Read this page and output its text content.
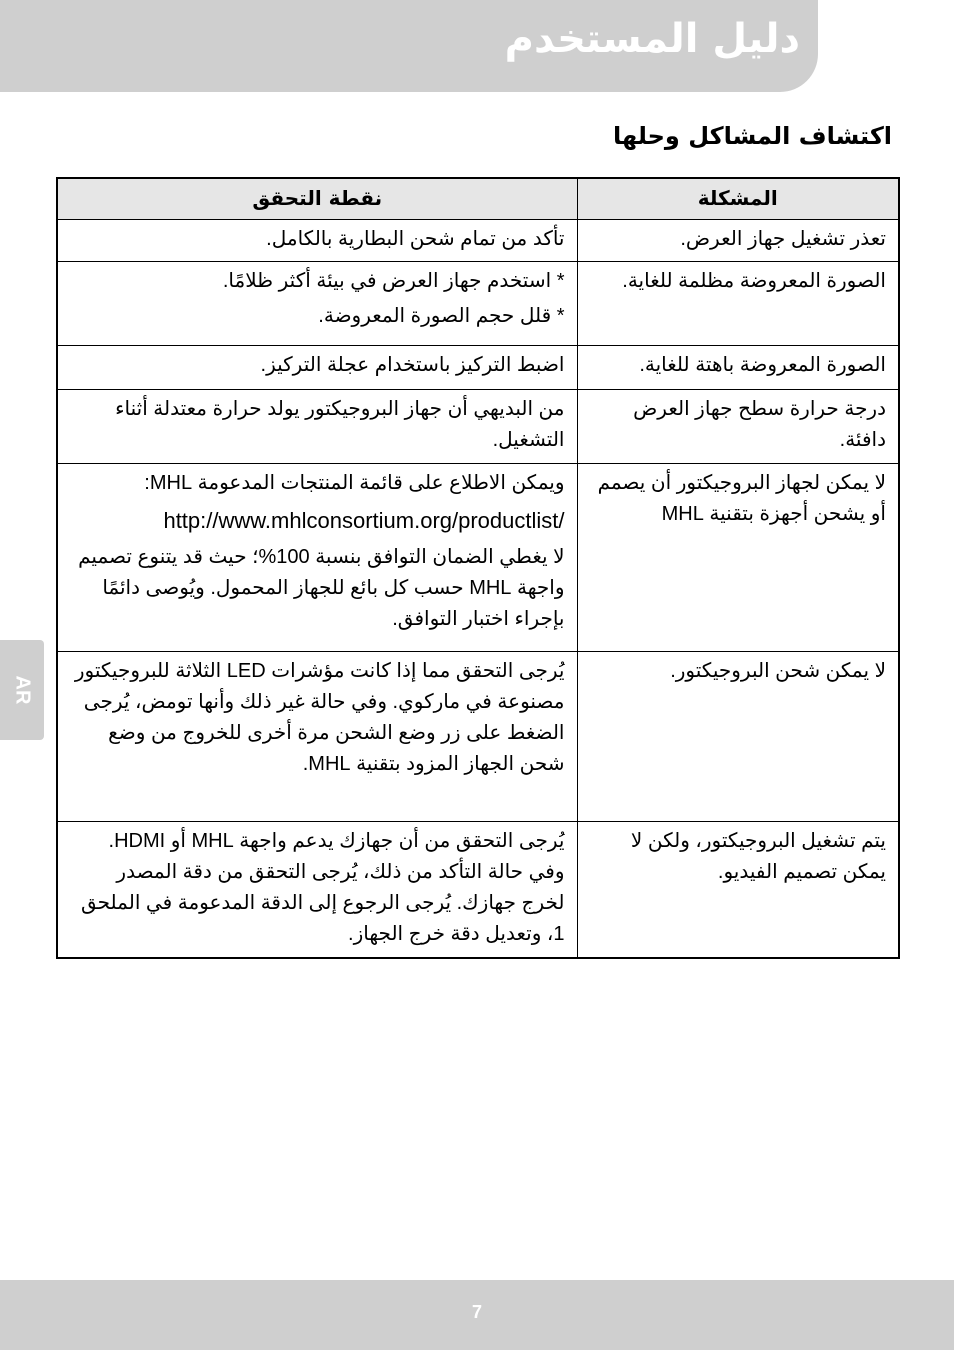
دليل المستخدم
اكتشاف المشاكل وحلها
المشكلة	نقطة التحقق
تعذر تشغيل جهاز العرض.	تأكد من تمام شحن البطارية بالكامل.

الصورة المعروضة مظلمة للغاية.	* استخدم جهاز العرض في بيئة أكثر ظلامًا.
* قلل حجم الصورة المعروضة.

الصورة المعروضة باهتة للغاية.	اضبط التركيز باستخدام عجلة التركيز.

درجة حرارة سطح جهاز العرض دافئة.	من البديهي أن جهاز البروجيكتور يولد حرارة معتدلة أثناء التشغيل.

لا يمكن لجهاز البروجيكتور أن يصمم أو يشحن أجهزة بتقنية MHL	ويمكن الاطلاع على قائمة المنتجات المدعومة MHL:
http://www.mhlconsortium.org/productlist/
لا يغطي الضمان التوافق بنسبة 100%؛ حيث قد يتنوع تصميم واجهة MHL حسب كل بائع للجهاز المحمول. ويُوصى دائمًا بإجراء اختبار التوافق.

لا يمكن شحن البروجيكتور.	يُرجى التحقق مما إذا كانت مؤشرات LED الثلاثة للبروجيكتور مصنوعة في ماركوي. وفي حالة غير ذلك وأنها تومض، يُرجى الضغط على زر وضع الشحن مرة أخرى للخروج من وضع شحن الجهاز المزود بتقنية MHL.

يتم تشغيل البروجيكتور، ولكن لا يمكن تصميم الفيديو.	يُرجى التحقق من أن جهازك يدعم واجهة MHL أو HDMI. وفي حالة التأكد من ذلك، يُرجى التحقق من دقة المصدر لخرج جهازك. يُرجى الرجوع إلى الدقة المدعومة في الملحق 1، وتعديل دقة خرج الجهاز.
AR
7
